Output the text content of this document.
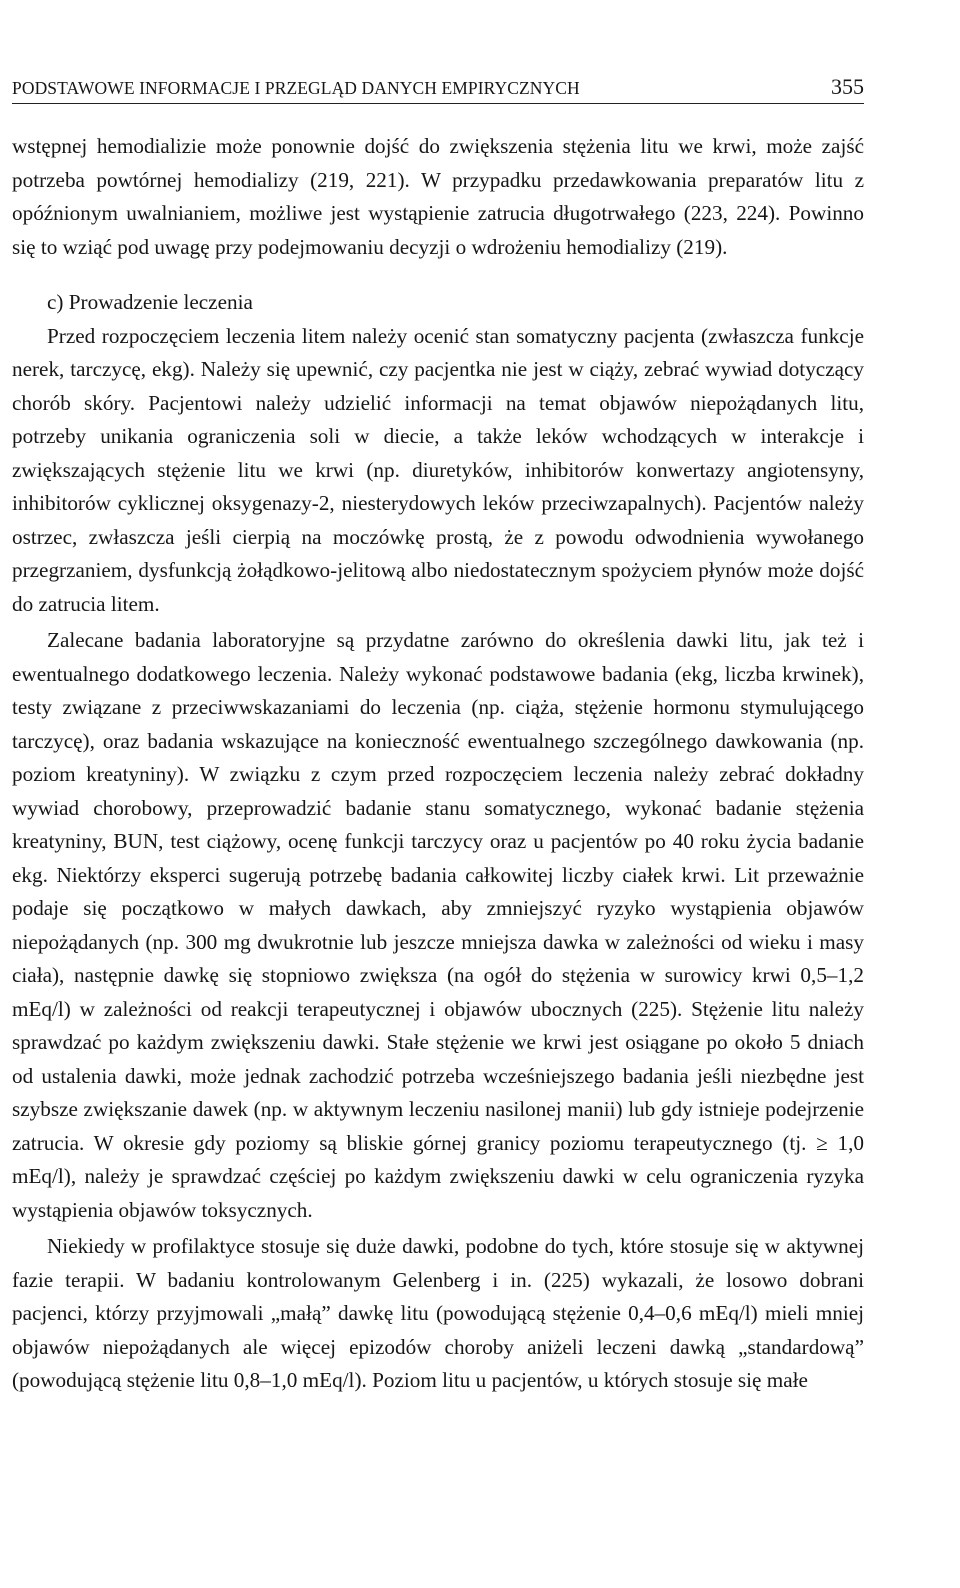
PODSTAWOWE INFORMACJE I PRZEGLĄD DANYCH EMPIRYCZNYCH	355

wstępnej hemodializie może ponownie dojść do zwiększenia stężenia litu we krwi, może zajść potrzeba powtórnej hemodializy (219, 221). W przypadku przedawkowania preparatów litu z opóźnionym uwalnianiem, możliwe jest wystąpienie zatrucia długotrwałego (223, 224). Powinno się to wziąć pod uwagę przy podejmowaniu decyzji o wdrożeniu hemodializy (219).

c) Prowadzenie leczenia

Przed rozpoczęciem leczenia litem należy ocenić stan somatyczny pacjenta (zwłaszcza funkcje nerek, tarczycę, ekg). Należy się upewnić, czy pacjentka nie jest w ciąży, zebrać wywiad dotyczący chorób skóry. Pacjentowi należy udzielić informacji na temat objawów niepożądanych litu, potrzeby unikania ograniczenia soli w diecie, a także leków wchodzących w interakcje i zwiększających stężenie litu we krwi (np. diuretyków, inhibitorów konwertazy angiotensyny, inhibitorów cyklicznej oksygenazy-2, niesterydowych leków przeciwzapalnych). Pacjentów należy ostrzec, zwłaszcza jeśli cierpią na moczówkę prostą, że z powodu odwodnienia wywołanego przegrzaniem, dysfunkcją żołądkowo-jelitową albo niedostatecznym spożyciem płynów może dojść do zatrucia litem.

Zalecane badania laboratoryjne są przydatne zarówno do określenia dawki litu, jak też i ewentualnego dodatkowego leczenia. Należy wykonać podstawowe badania (ekg, liczba krwinek), testy związane z przeciwwskazaniami do leczenia (np. ciąża, stężenie hormonu stymulującego tarczycę), oraz badania wskazujące na konieczność ewentualnego szczególnego dawkowania (np. poziom kreatyniny). W związku z czym przed rozpoczęciem leczenia należy zebrać dokładny wywiad chorobowy, przeprowadzić badanie stanu somatycznego, wykonać badanie stężenia kreatyniny, BUN, test ciążowy, ocenę funkcji tarczycy oraz u pacjentów po 40 roku życia badanie ekg. Niektórzy eksperci sugerują potrzebę badania całkowitej liczby ciałek krwi. Lit przeważnie podaje się początkowo w małych dawkach, aby zmniejszyć ryzyko wystąpienia objawów niepożądanych (np. 300 mg dwukrotnie lub jeszcze mniejsza dawka w zależności od wieku i masy ciała), następnie dawkę się stopniowo zwiększa (na ogół do stężenia w surowicy krwi 0,5–1,2 mEq/l) w zależności od reakcji terapeutycznej i objawów ubocznych (225). Stężenie litu należy sprawdzać po każdym zwiększeniu dawki. Stałe stężenie we krwi jest osiągane po około 5 dniach od ustalenia dawki, może jednak zachodzić potrzeba wcześniejszego badania jeśli niezbędne jest szybsze zwiększanie dawek (np. w aktywnym leczeniu nasilonej manii) lub gdy istnieje podejrzenie zatrucia. W okresie gdy poziomy są bliskie górnej granicy poziomu terapeutycznego (tj. ≥ 1,0 mEq/l), należy je sprawdzać częściej po każdym zwiększeniu dawki w celu ograniczenia ryzyka wystąpienia objawów toksycznych.

Niekiedy w profilaktyce stosuje się duże dawki, podobne do tych, które stosuje się w aktywnej fazie terapii. W badaniu kontrolowanym Gelenberg i in. (225) wykazali, że losowo dobrani pacjenci, którzy przyjmowali „małą” dawkę litu (powodującą stężenie 0,4–0,6 mEq/l) mieli mniej objawów niepożądanych ale więcej epizodów choroby aniżeli leczeni dawką „standardową” (powodującą stężenie litu 0,8–1,0 mEq/l). Poziom litu u pacjentów, u których stosuje się małe
